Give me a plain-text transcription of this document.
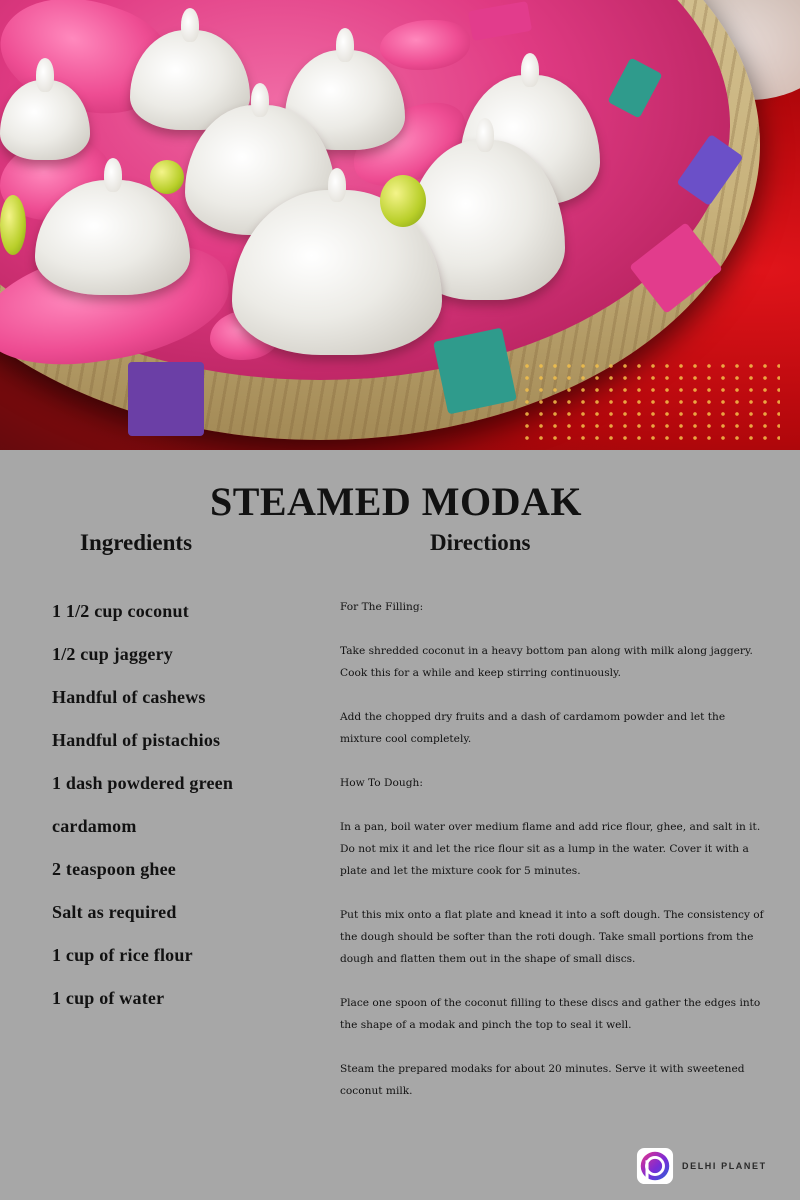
STEAMED MODAK
Ingredients	Directions
1 1/2 cup coconut
1/2 cup jaggery
Handful of cashews
Handful of pistachios
1 dash powdered green
cardamom
2 teaspoon ghee
Salt as required
1 cup of rice flour
1 cup of water

For The Filling:

Take shredded coconut in a heavy bottom pan along with milk along jaggery. Cook this for a while and keep stirring continuously.

Add the chopped dry fruits and a dash of cardamom powder and let the mixture cool completely.

How To Dough:

In a pan, boil water over medium flame and add rice flour, ghee, and salt in it. Do not mix it and let the rice flour sit as a lump in the water. Cover it with a plate and let the mixture cook for 5 minutes.

Put this mix onto a flat plate and knead it into a soft dough. The consistency of the dough should be softer than the roti dough. Take small portions from the dough and flatten them out in the shape of small discs.

Place one spoon of the coconut filling to these discs and gather the edges into the shape of a modak and pinch the top to seal it well.

Steam the prepared modaks for about 20 minutes. Serve it with sweetened coconut milk.

DELHI PLANET
